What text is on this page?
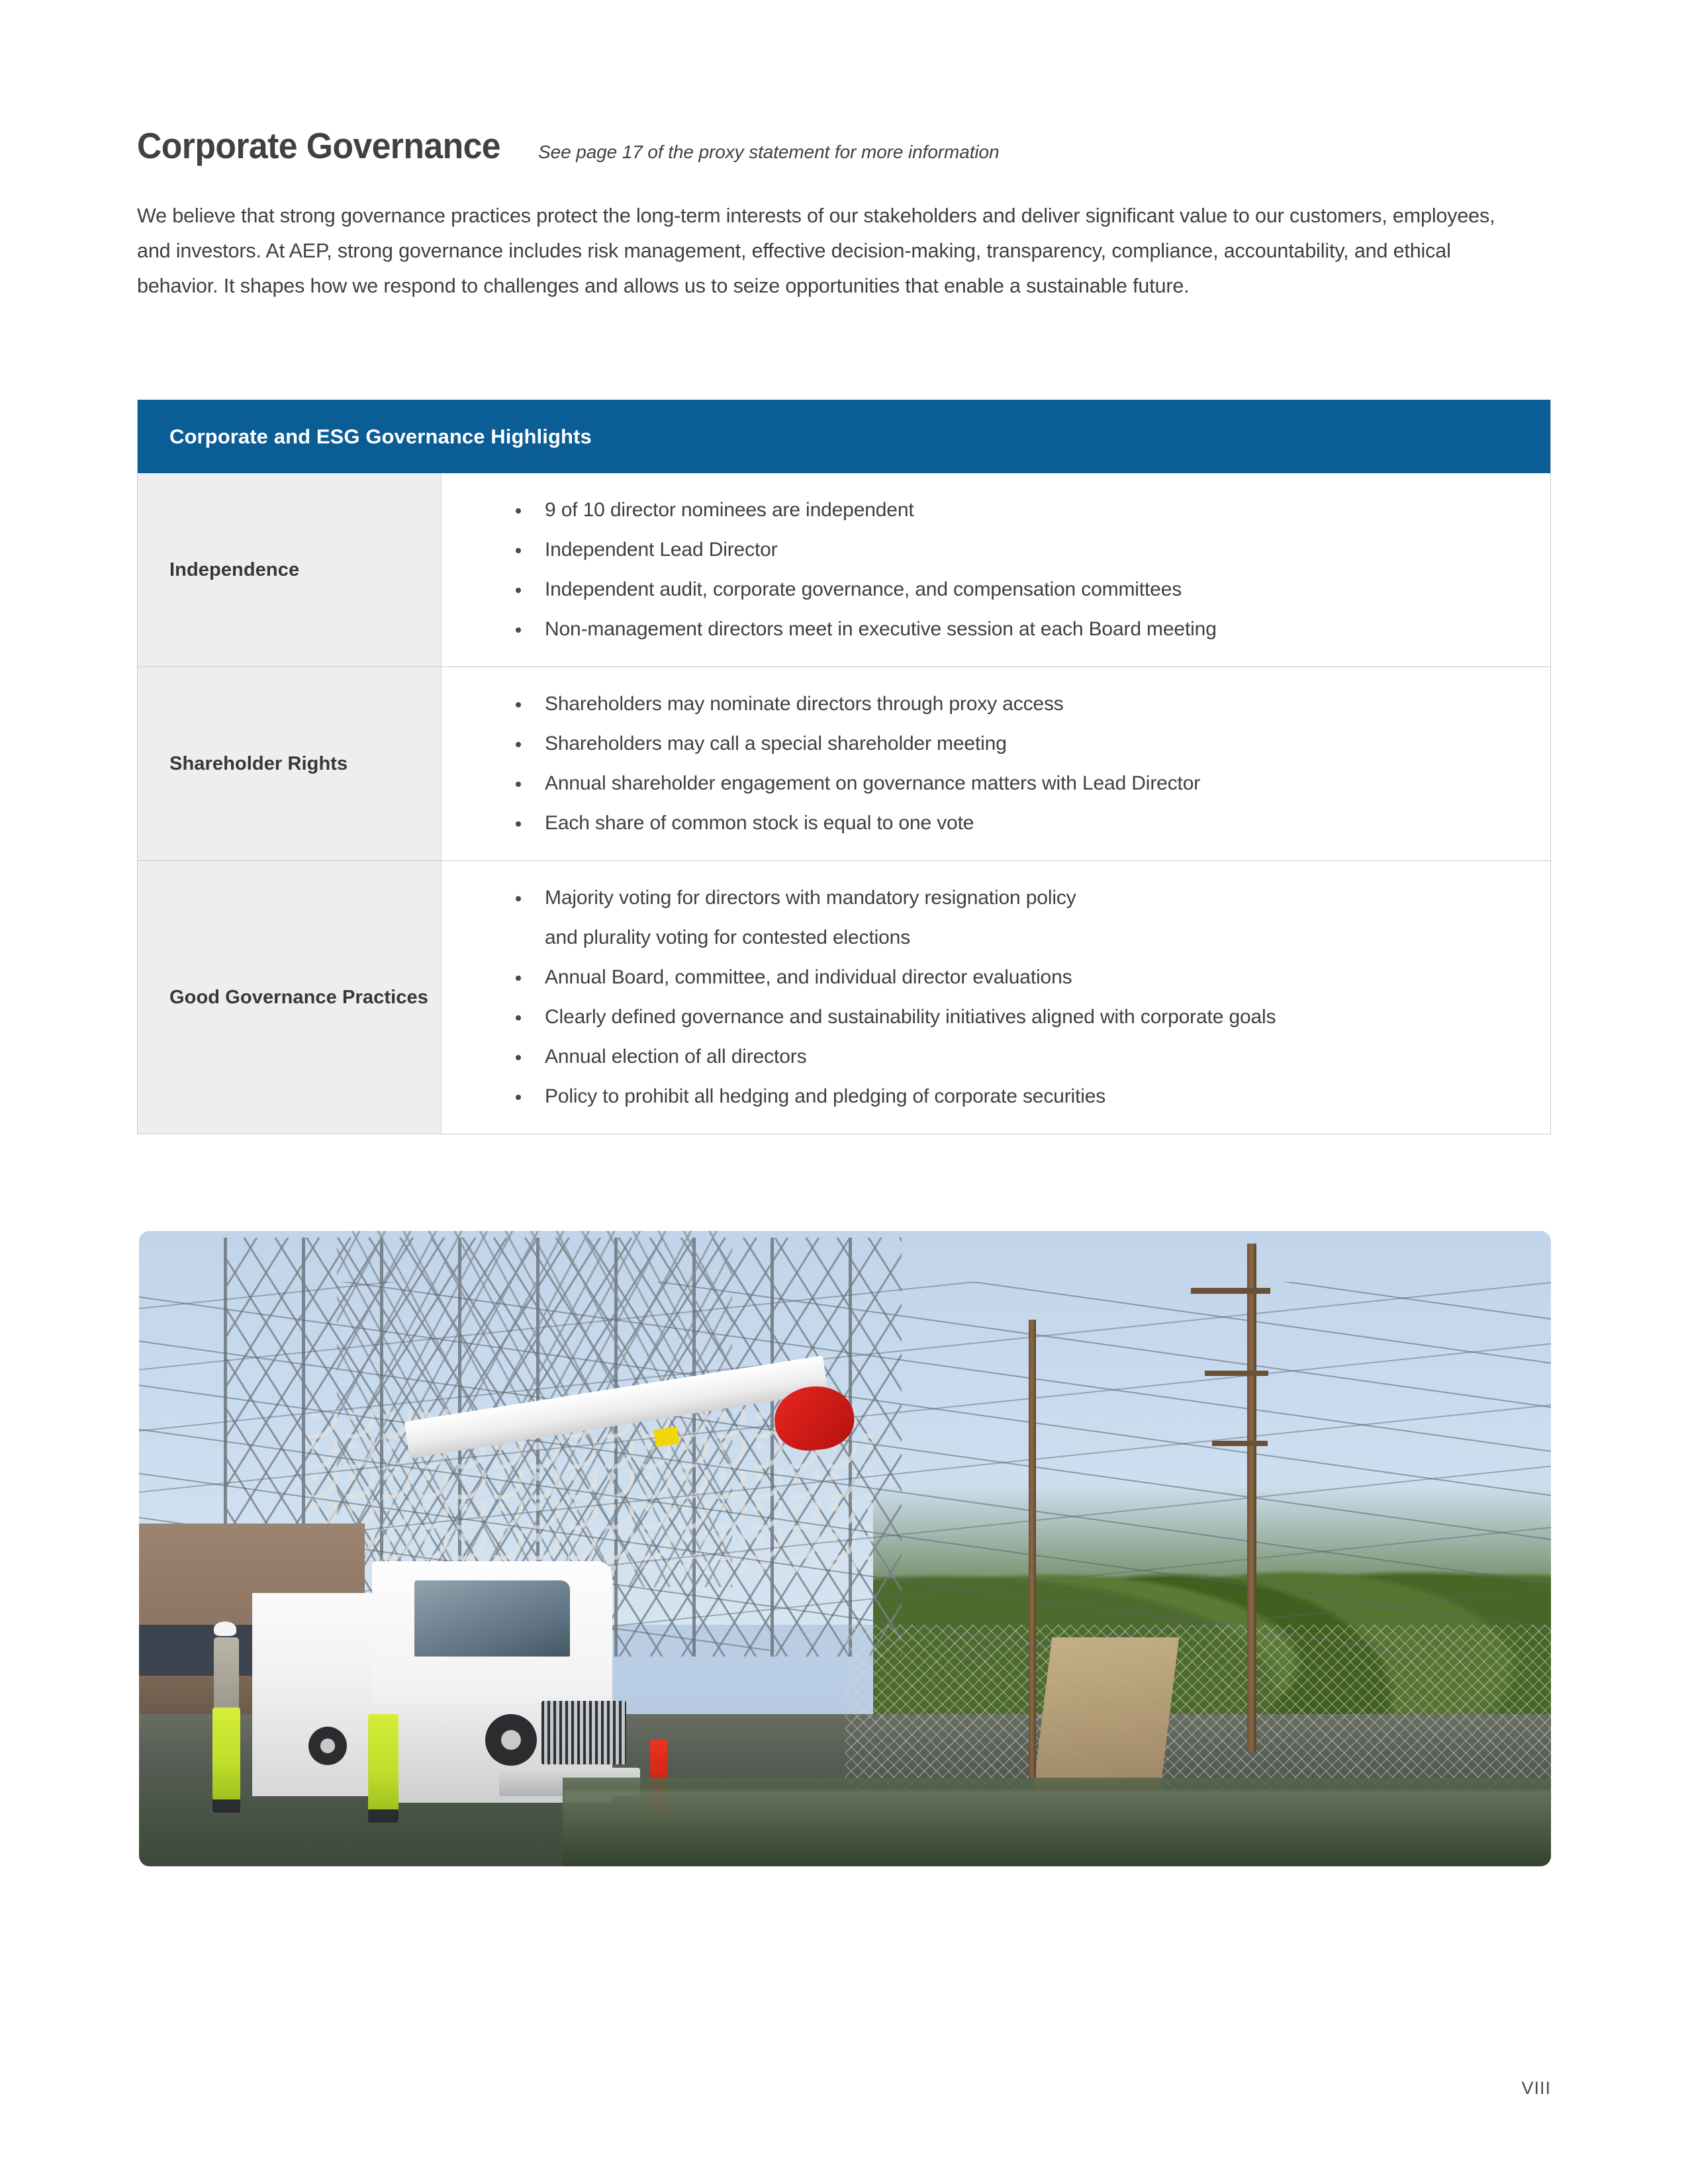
Corporate Governance See page 17 of the proxy statement for more information

We believe that strong governance practices protect the long-term interests of our stakeholders and deliver significant value to our customers, employees, and investors. At AEP, strong governance includes risk management, effective decision-making, transparency, compliance, accountability, and ethical behavior. It shapes how we respond to challenges and allows us to seize opportunities that enable a sustainable future.

Corporate and ESG Governance Highlights
Independence
9 of 10 director nominees are independent
Independent Lead Director
Independent audit, corporate governance, and compensation committees
Non-management directors meet in executive session at each Board meeting
Shareholder Rights
Shareholders may nominate directors through proxy access
Shareholders may call a special shareholder meeting
Annual shareholder engagement on governance matters with Lead Director
Each share of common stock is equal to one vote
Good Governance Practices
Majority voting for directors with mandatory resignation policy
and plurality voting for contested elections
Annual Board, committee, and individual director evaluations
Clearly defined governance and sustainability initiatives aligned with corporate goals
Annual election of all directors
Policy to prohibit all hedging and pledging of corporate securities
VIII
